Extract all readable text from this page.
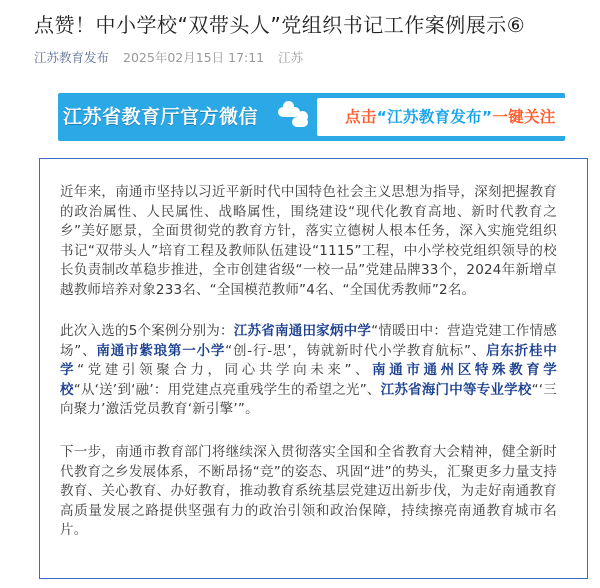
点赞！中小学校“双带头人”党组织书记工作案例展示⑥
江苏教育发布 2025年02月15日 17:11 江苏
江苏省教育厅官方微信	点击“江苏教育发布”一键关注
近年来，南通市坚持以习近平新时代中国特色社会主义思想为指导，深刻把握教育的政治属性、人民属性、战略属性，围绕建设“现代化教育高地、新时代教育之乡”美好愿景，全面贯彻党的教育方针，落实立德树人根本任务，深入实施党组织书记“双带头人”培育工程及教师队伍建设“1115”工程，中小学校党组织领导的校长负责制改革稳步推进，全市创建省级“一校一品”党建品牌33个，2024年新增卓越教师培养对象233名、“全国模范教师”4名、“全国优秀教师”2名。
此次入选的5个案例分别为：江苏省南通田家炳中学“情暖田中：营造党建工作情感场”、南通市紫琅第一小学“创-行-思’，铸就新时代小学教育航标”、启东折桂中学“党建引领聚合力，同心共学向未来”、南通市通州区特殊教育学校“从‘送’到‘融’：用党建点亮重残学生的希望之光”、江苏省海门中等专业学校“‘三向聚力’激活党员教育‘新引擎’”。
下一步，南通市教育部门将继续深入贯彻落实全国和全省教育大会精神，健全新时代教育之乡发展体系，不断昂扬“竞”的姿态、巩固“进”的势头，汇聚更多力量支持教育、关心教育、办好教育，推动教育系统基层党建迈出新步伐，为走好南通教育高质量发展之路提供坚强有力的政治引领和政治保障，持续擦亮南通教育城市名片。
